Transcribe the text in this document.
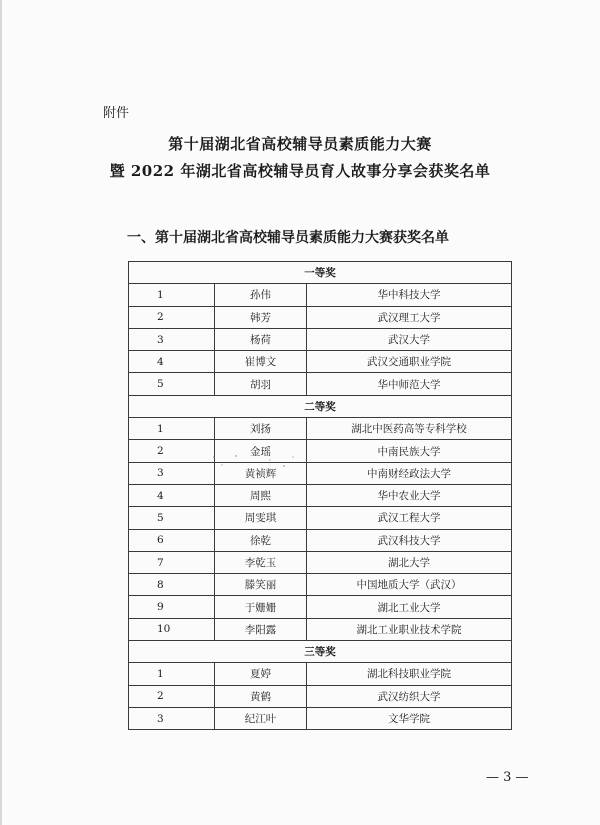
附件
第十届湖北省高校辅导员素质能力大赛
暨 2022 年湖北省高校辅导员育人故事分享会获奖名单
一、第十届湖北省高校辅导员素质能力大赛获奖名单
一等奖		
1	孙伟	华中科技大学
2	韩芳	武汉理工大学
3	杨荷	武汉大学
4	崔博文	武汉交通职业学院
5	胡羽	华中师范大学
二等奖		
1	刘扬	湖北中医药高等专科学校
2	金瑶	中南民族大学
3	黄祯辉	中南财经政法大学
4	周熙	华中农业大学
5	周雯琪	武汉工程大学
6	徐乾	武汉科技大学
7	李乾玉	湖北大学
8	滕笑丽	中国地质大学（武汉）
9	于姗姗	湖北工业大学
10	李阳露	湖北工业职业技术学院
三等奖		
1	夏婷	湖北科技职业学院
2	黄鹤	武汉纺织大学
3	纪江叶	文华学院
— 3 —
